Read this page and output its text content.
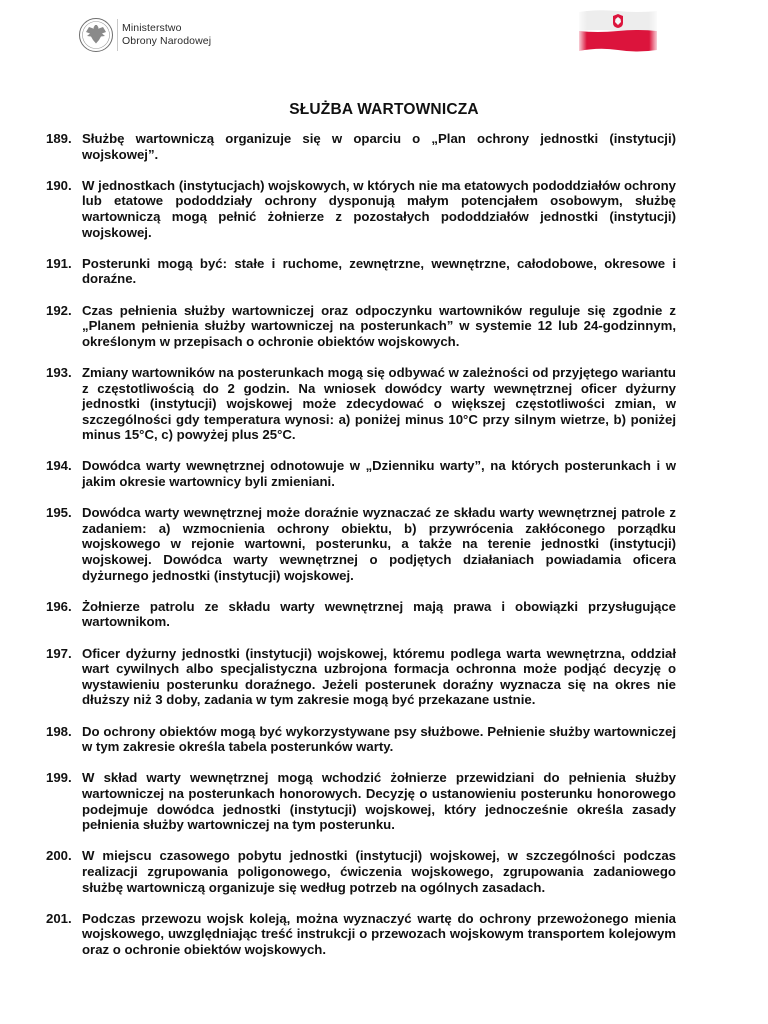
Ministerstwo
Obrony Narodowej
SŁUŻBA WARTOWNICZA
189. Służbę wartowniczą organizuje się w oparciu o „Plan ochrony jednostki (instytucji) wojskowej”.
190. W jednostkach (instytucjach) wojskowych, w których nie ma etatowych pododdziałów ochrony lub etatowe pododdziały ochrony dysponują małym potencjałem osobowym, służbę wartowniczą mogą pełnić żołnierze z pozostałych pododdziałów jednostki (instytucji) wojskowej.
191. Posterunki mogą być: stałe i ruchome, zewnętrzne, wewnętrzne, całodobowe, okresowe i doraźne.
192. Czas pełnienia służby wartowniczej oraz odpoczynku wartowników reguluje się zgodnie z „Planem pełnienia służby wartowniczej na posterunkach” w systemie 12 lub 24-godzinnym, określonym w przepisach o ochronie obiektów wojskowych.
193. Zmiany wartowników na posterunkach mogą się odbywać w zależności od przyjętego wariantu z częstotliwością do 2 godzin. Na wniosek dowódcy warty wewnętrznej oficer dyżurny jednostki (instytucji) wojskowej może zdecydować o większej częstotliwości zmian, w szczególności gdy temperatura wynosi: a) poniżej minus 10°C przy silnym wietrze, b) poniżej minus 15°C, c) powyżej plus 25°C.
194. Dowódca warty wewnętrznej odnotowuje w „Dzienniku warty”, na których posterunkach i w jakim okresie wartownicy byli zmieniani.
195. Dowódca warty wewnętrznej może doraźnie wyznaczać ze składu warty wewnętrznej patrole z zadaniem: a) wzmocnienia ochrony obiektu, b) przywrócenia zakłóconego porządku wojskowego w rejonie wartowni, posterunku, a także na terenie jednostki (instytucji) wojskowej. Dowódca warty wewnętrznej o podjętych działaniach powiadamia oficera dyżurnego jednostki (instytucji) wojskowej.
196. Żołnierze patrolu ze składu warty wewnętrznej mają prawa i obowiązki przysługujące wartownikom.
197. Oficer dyżurny jednostki (instytucji) wojskowej, któremu podlega warta wewnętrzna, oddział wart cywilnych albo specjalistyczna uzbrojona formacja ochronna może podjąć decyzję o wystawieniu posterunku doraźnego. Jeżeli posterunek doraźny wyznacza się na okres nie dłuższy niż 3 doby, zadania w tym zakresie mogą być przekazane ustnie.
198. Do ochrony obiektów mogą być wykorzystywane psy służbowe. Pełnienie służby wartowniczej w tym zakresie określa tabela posterunków warty.
199. W skład warty wewnętrznej mogą wchodzić żołnierze przewidziani do pełnienia służby wartowniczej na posterunkach honorowych. Decyzję o ustanowieniu posterunku honorowego podejmuje dowódca jednostki (instytucji) wojskowej, który jednocześnie określa zasady pełnienia służby wartowniczej na tym posterunku.
200. W miejscu czasowego pobytu jednostki (instytucji) wojskowej, w szczególności podczas realizacji zgrupowania poligonowego, ćwiczenia wojskowego, zgrupowania zadaniowego służbę wartowniczą organizuje się według potrzeb na ogólnych zasadach.
201. Podczas przewozu wojsk koleją, można wyznaczyć wartę do ochrony przewożonego mienia wojskowego, uwzględniając treść instrukcji o przewozach wojskowym transportem kolejowym oraz o ochronie obiektów wojskowych.
